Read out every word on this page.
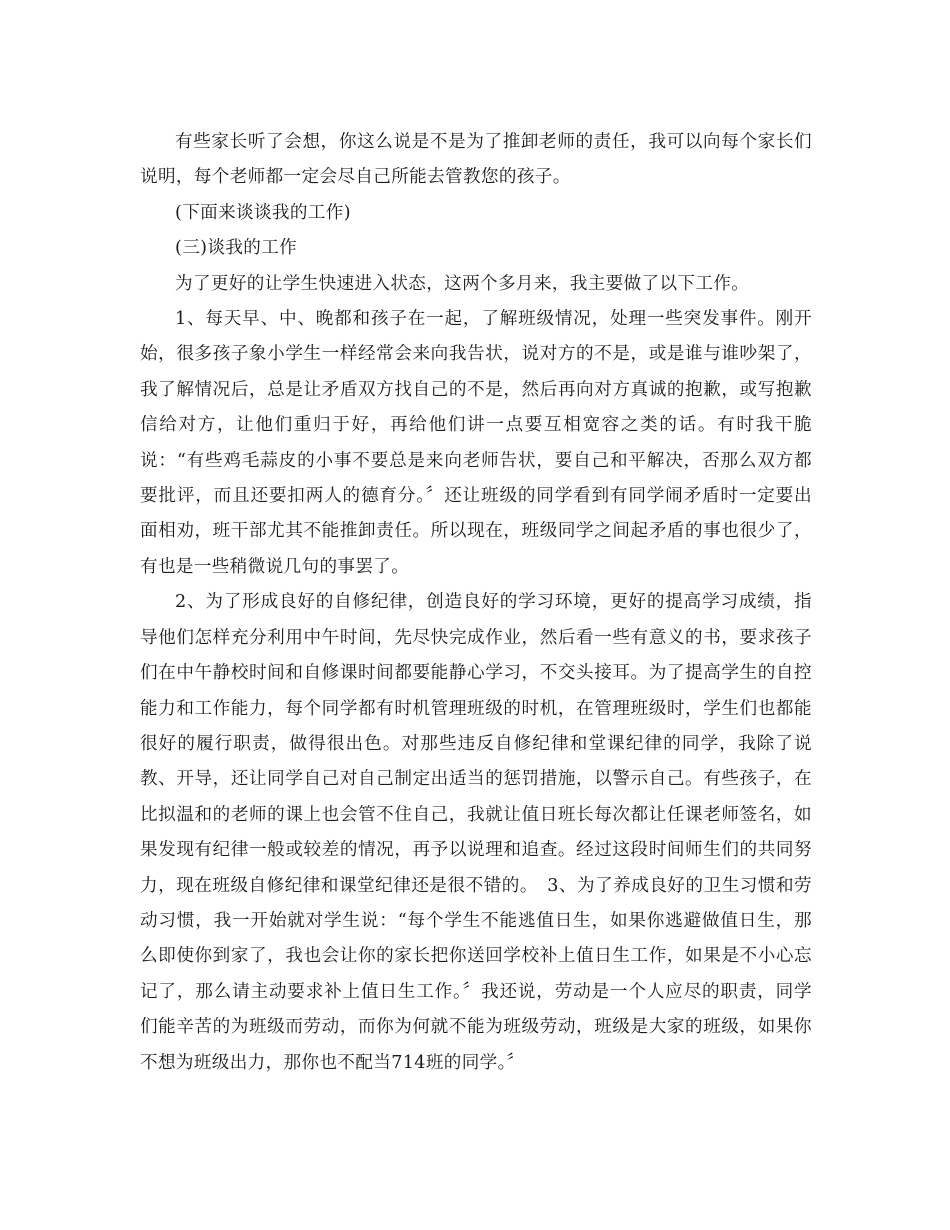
有些家长听了会想，你这么说是不是为了推卸老师的责任，我可以向每个家长们说明，每个老师都一定会尽自己所能去管教您的孩子。

(下面来谈谈我的工作)

(三)谈我的工作

为了更好的让学生快速进入状态，这两个多月来，我主要做了以下工作。

1、每天早、中、晚都和孩子在一起，了解班级情况，处理一些突发事件。刚开始，很多孩子象小学生一样经常会来向我告状，说对方的不是，或是谁与谁吵架了，我了解情况后，总是让矛盾双方找自己的不是，然后再向对方真诚的抱歉，或写抱歉信给对方，让他们重归于好，再给他们讲一点要互相宽容之类的话。有时我干脆说：“有些鸡毛蒜皮的小事不要总是来向老师告状，要自己和平解决，否那么双方都要批评，而且还要扣两人的德育分。〞还让班级的同学看到有同学闹矛盾时一定要出面相劝，班干部尤其不能推卸责任。所以现在，班级同学之间起矛盾的事也很少了，有也是一些稍微说几句的事罢了。

2、为了形成良好的自修纪律，创造良好的学习环境，更好的提高学习成绩，指导他们怎样充分利用中午时间，先尽快完成作业，然后看一些有意义的书，要求孩子们在中午静校时间和自修课时间都要能静心学习，不交头接耳。为了提高学生的自控能力和工作能力，每个同学都有时机管理班级的时机，在管理班级时，学生们也都能很好的履行职责，做得很出色。对那些违反自修纪律和堂课纪律的同学，我除了说教、开导，还让同学自己对自己制定出适当的惩罚措施，以警示自己。有些孩子，在比拟温和的老师的课上也会管不住自己，我就让值日班长每次都让任课老师签名，如果发现有纪律一般或较差的情况，再予以说理和追查。经过这段时间师生们的共同努力，现在班级自修纪律和课堂纪律还是很不错的。　3、为了养成良好的卫生习惯和劳动习惯，我一开始就对学生说：“每个学生不能逃值日生，如果你逃避做值日生，那么即使你到家了，我也会让你的家长把你送回学校补上值日生工作，如果是不小心忘记了，那么请主动要求补上值日生工作。〞我还说，劳动是一个人应尽的职责，同学们能辛苦的为班级而劳动，而你为何就不能为班级劳动，班级是大家的班级，如果你不想为班级出力，那你也不配当714班的同学。〞
